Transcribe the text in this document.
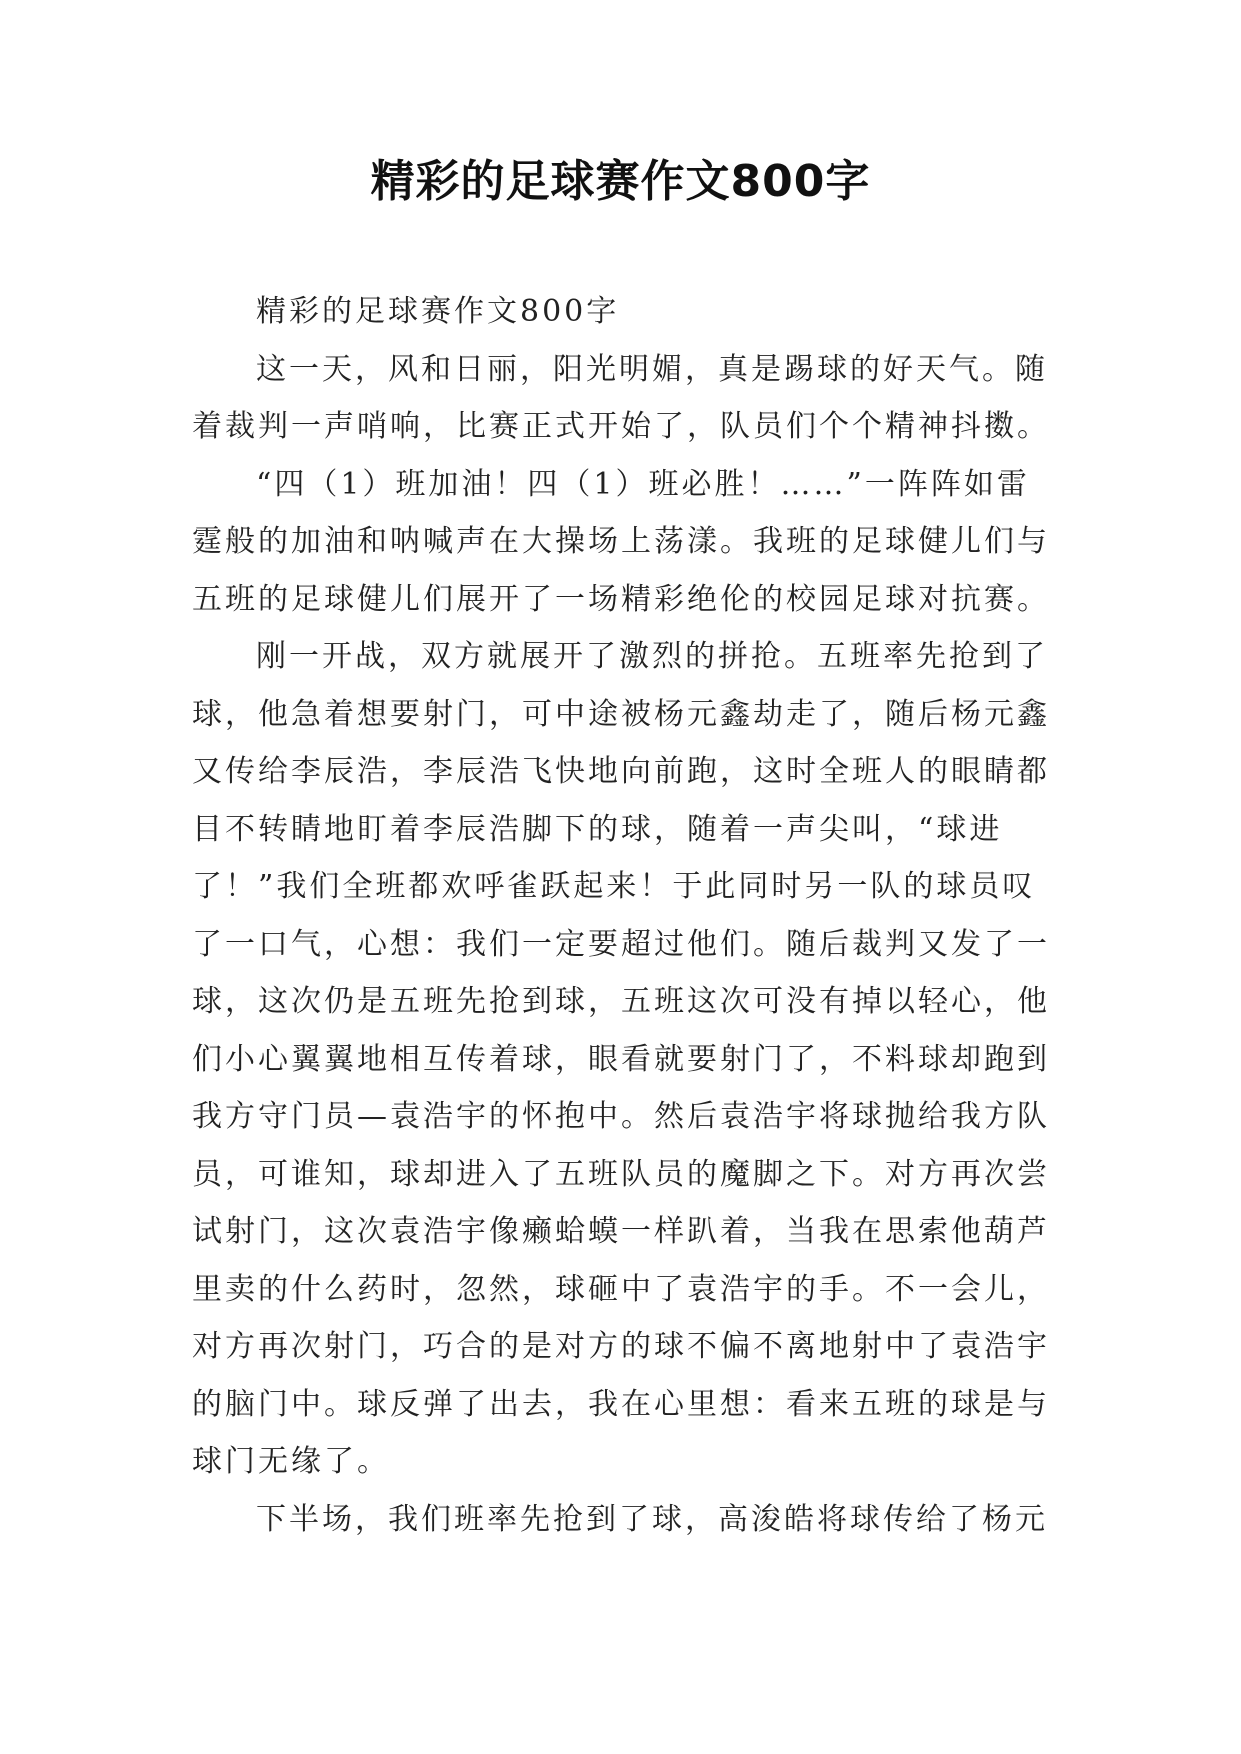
精彩的足球赛作文800字
精彩的足球赛作文800字
这一天，风和日丽，阳光明媚，真是踢球的好天气。随
着裁判一声哨响，比赛正式开始了，队员们个个精神抖擞。
“四（1）班加油！四（1）班必胜！……”一阵阵如雷
霆般的加油和呐喊声在大操场上荡漾。我班的足球健儿们与
五班的足球健儿们展开了一场精彩绝伦的校园足球对抗赛。
刚一开战，双方就展开了激烈的拼抢。五班率先抢到了
球，他急着想要射门，可中途被杨元鑫劫走了，随后杨元鑫
又传给李辰浩，李辰浩飞快地向前跑，这时全班人的眼睛都
目不转睛地盯着李辰浩脚下的球，随着一声尖叫，“球进
了！”我们全班都欢呼雀跃起来！于此同时另一队的球员叹
了一口气，心想：我们一定要超过他们。随后裁判又发了一
球，这次仍是五班先抢到球，五班这次可没有掉以轻心，他
们小心翼翼地相互传着球，眼看就要射门了，不料球却跑到
我方守门员—袁浩宇的怀抱中。然后袁浩宇将球抛给我方队
员，可谁知，球却进入了五班队员的魔脚之下。对方再次尝
试射门，这次袁浩宇像癞蛤蟆一样趴着，当我在思索他葫芦
里卖的什么药时，忽然，球砸中了袁浩宇的手。不一会儿，
对方再次射门，巧合的是对方的球不偏不离地射中了袁浩宇
的脑门中。球反弹了出去，我在心里想：看来五班的球是与
球门无缘了。
下半场，我们班率先抢到了球，高浚皓将球传给了杨元
